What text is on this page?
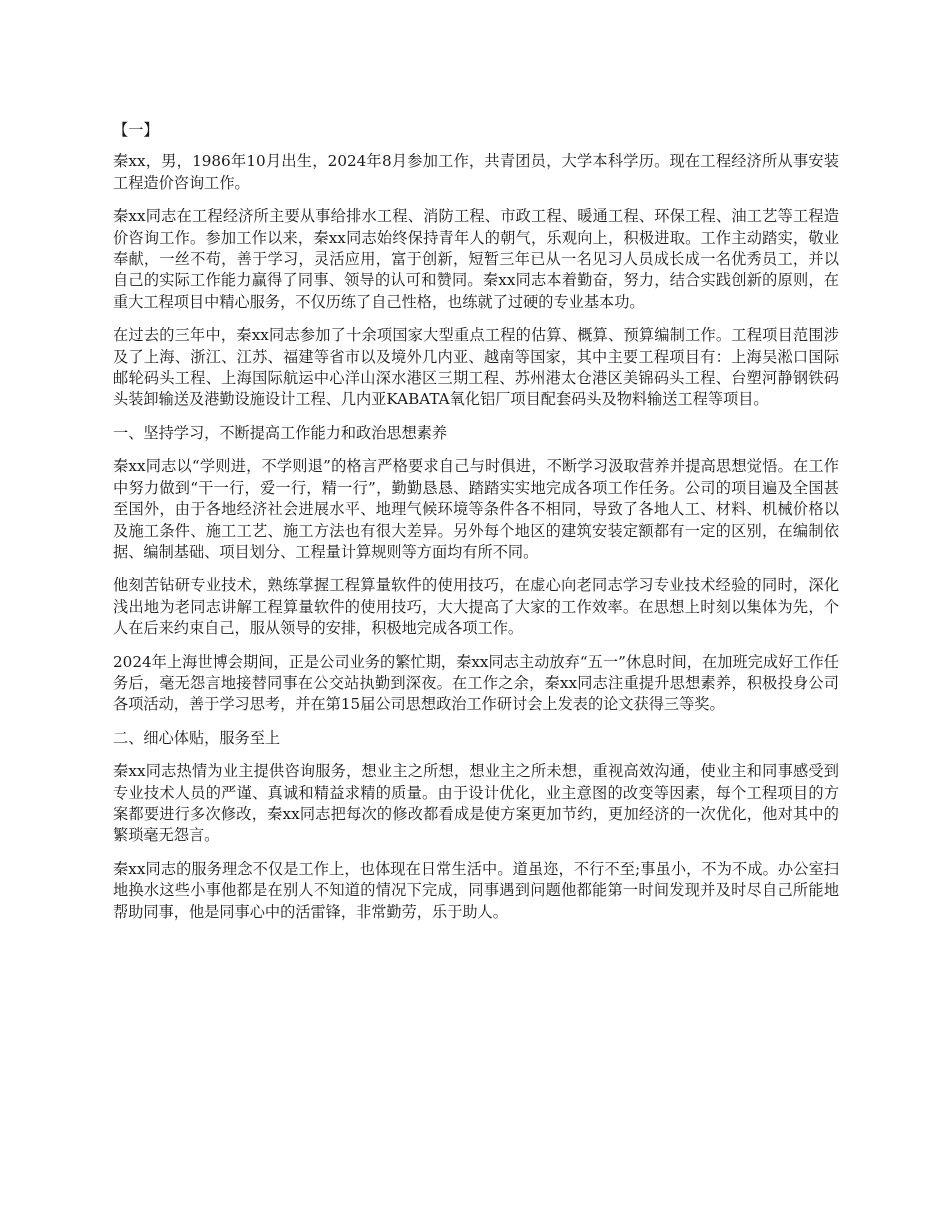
【一】

秦xx，男，1986年10月出生，2024年8月参加工作，共青团员，大学本科学历。现在工程经济所从事安装工程造价咨询工作。

秦xx同志在工程经济所主要从事给排水工程、消防工程、市政工程、暖通工程、环保工程、油工艺等工程造价咨询工作。参加工作以来，秦xx同志始终保持青年人的朝气，乐观向上，积极进取。工作主动踏实，敬业奉献，一丝不苟，善于学习，灵活应用，富于创新，短暂三年已从一名见习人员成长成一名优秀员工，并以自己的实际工作能力赢得了同事、领导的认可和赞同。秦xx同志本着勤奋，努力，结合实践创新的原则，在重大工程项目中精心服务，不仅历练了自己性格，也练就了过硬的专业基本功。

在过去的三年中，秦xx同志参加了十余项国家大型重点工程的估算、概算、预算编制工作。工程项目范围涉及了上海、浙江、江苏、福建等省市以及境外几内亚、越南等国家，其中主要工程项目有：上海吴淞口国际邮轮码头工程、上海国际航运中心洋山深水港区三期工程、苏州港太仓港区美锦码头工程、台塑河静钢铁码头装卸输送及港勤设施设计工程、几内亚KABATA氧化铝厂项目配套码头及物料输送工程等项目。

一、坚持学习，不断提高工作能力和政治思想素养

秦xx同志以“学则进，不学则退”的格言严格要求自己与时俱进，不断学习汲取营养并提高思想觉悟。在工作中努力做到“干一行，爱一行，精一行”，勤勤恳恳、踏踏实实地完成各项工作任务。公司的项目遍及全国甚至国外，由于各地经济社会进展水平、地理气候环境等条件各不相同，导致了各地人工、材料、机械价格以及施工条件、施工工艺、施工方法也有很大差异。另外每个地区的建筑安装定额都有一定的区别，在编制依据、编制基础、项目划分、工程量计算规则等方面均有所不同。

他刻苦钻研专业技术，熟练掌握工程算量软件的使用技巧，在虚心向老同志学习专业技术经验的同时，深化浅出地为老同志讲解工程算量软件的使用技巧，大大提高了大家的工作效率。在思想上时刻以集体为先，个人在后来约束自己，服从领导的安排，积极地完成各项工作。

2024年上海世博会期间，正是公司业务的繁忙期，秦xx同志主动放弃“五一”休息时间，在加班完成好工作任务后，毫无怨言地接替同事在公交站执勤到深夜。在工作之余，秦xx同志注重提升思想素养，积极投身公司各项活动，善于学习思考，并在第15届公司思想政治工作研讨会上发表的论文获得三等奖。

二、细心体贴，服务至上

秦xx同志热情为业主提供咨询服务，想业主之所想，想业主之所未想，重视高效沟通，使业主和同事感受到专业技术人员的严谨、真诚和精益求精的质量。由于设计优化，业主意图的改变等因素，每个工程项目的方案都要进行多次修改，秦xx同志把每次的修改都看成是使方案更加节约，更加经济的一次优化，他对其中的繁琐毫无怨言。

秦xx同志的服务理念不仅是工作上，也体现在日常生活中。道虽迩，不行不至;事虽小，不为不成。办公室扫地换水这些小事他都是在别人不知道的情况下完成，同事遇到问题他都能第一时间发现并及时尽自己所能地帮助同事，他是同事心中的活雷锋，非常勤劳，乐于助人。
